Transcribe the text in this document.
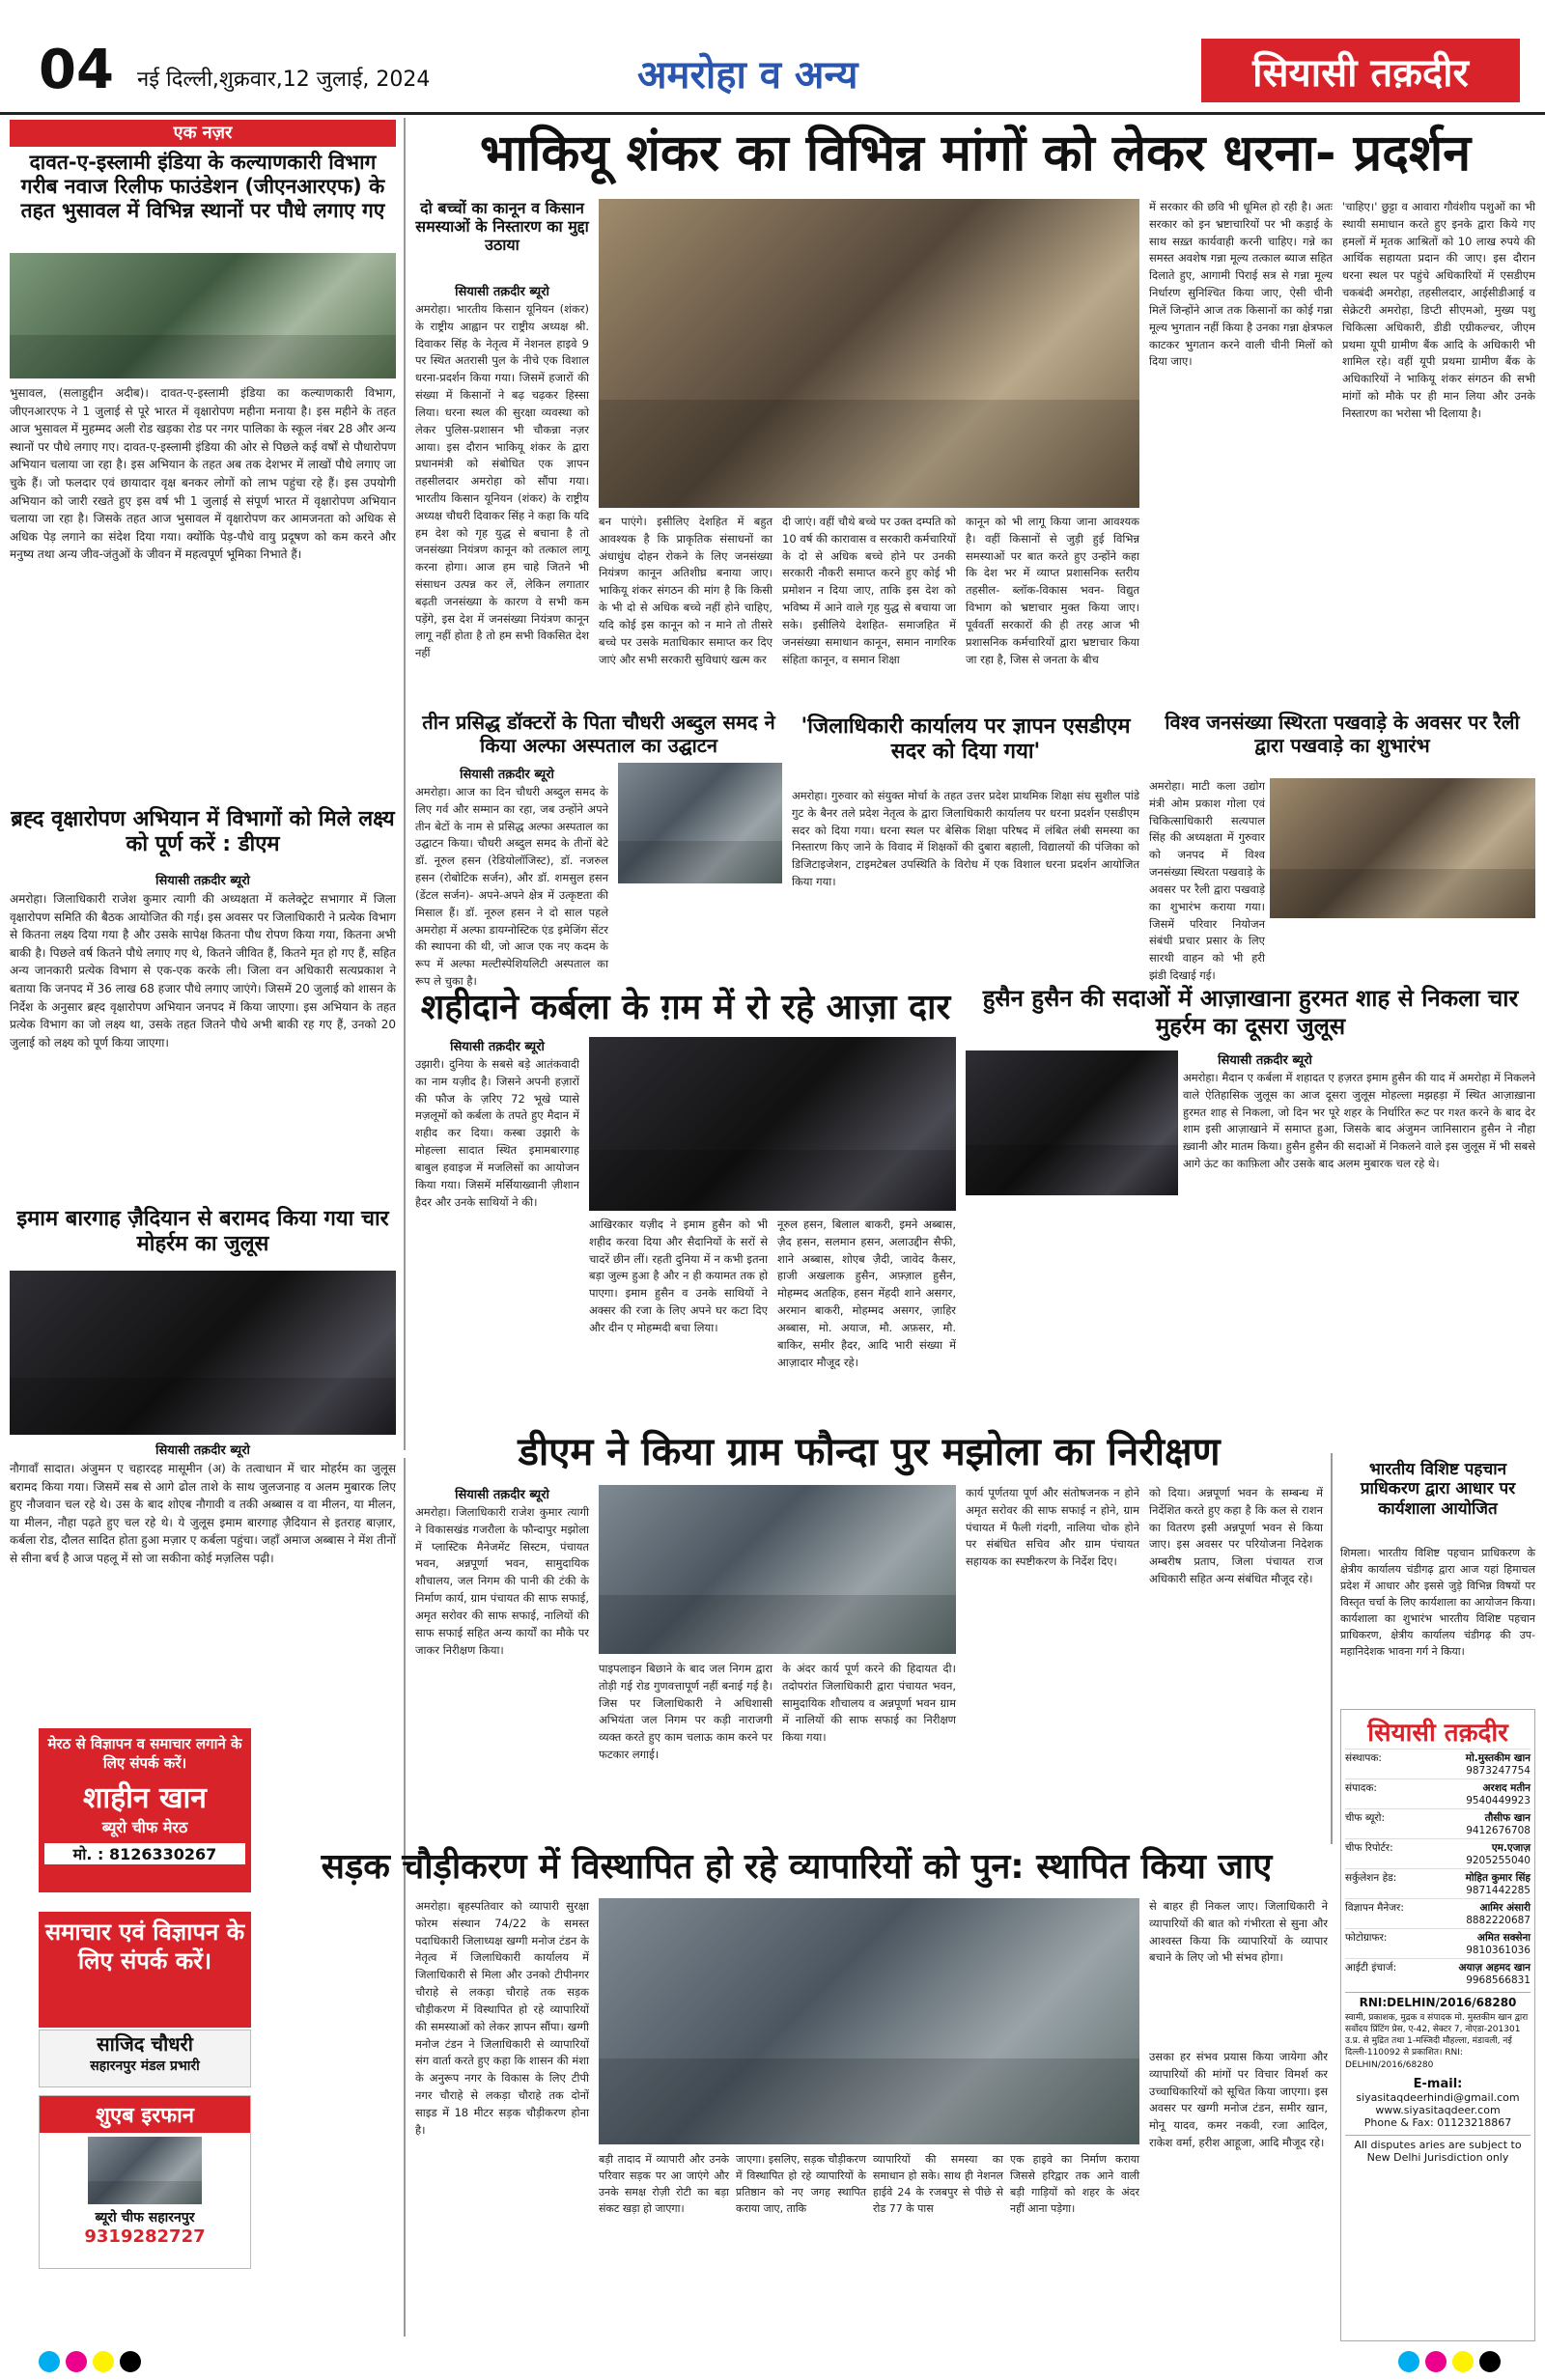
04 नई दिल्ली,शुक्रवार,12 जुलाई, 2024	अमरोहा व अन्य	सियासी तक़दीर
एक नज़र
दावत-ए-इस्लामी इंडिया के कल्याणकारी विभाग गरीब नवाज रिलीफ फाउंडेशन (जीएनआरएफ) के तहत भुसावल में विभिन्न स्थानों पर पौधे लगाए गए
भुसावल, (सलाहुद्दीन अदीब)। दावत-ए-इस्लामी इंडिया का कल्याणकारी विभाग, जीएनआरएफ ने 1 जुलाई से पूरे भारत में वृक्षारोपण महीना मनाया है। इस महीने के तहत आज भुसावल में मुहम्मद अली रोड खड़का रोड पर नगर पालिका के स्कूल नंबर 28 और अन्य स्थानों पर पौधे लगाए गए। दावत-ए-इस्लामी इंडिया की ओर से पिछले कई वर्षों से पौधारोपण अभियान चलाया जा रहा है। इस अभियान के तहत अब तक देशभर में लाखों पौधे लगाए जा चुके हैं। जो फलदार एवं छायादार वृक्ष बनकर लोगों को लाभ पहुंचा रहे हैं। इस उपयोगी अभियान को जारी रखते हुए इस वर्ष भी 1 जुलाई से संपूर्ण भारत में वृक्षारोपण अभियान चलाया जा रहा है। जिसके तहत आज भुसावल में वृक्षारोपण कर आमजनता को अधिक से अधिक पेड़ लगाने का संदेश दिया गया। क्योंकि पेड़-पौधे वायु प्रदूषण को कम करने और मनुष्य तथा अन्य जीव-जंतुओं के जीवन में महत्वपूर्ण भूमिका निभाते हैं।
ब्रह्द वृक्षारोपण अभियान में विभागों को मिले लक्ष्य को पूर्ण करें : डीएम
सियासी तक़दीर ब्यूरो
अमरोहा। जिलाधिकारी राजेश कुमार त्यागी की अध्यक्षता में कलेक्ट्रेट सभागार में जिला वृक्षारोपण समिति की बैठक आयोजित की गई। इस अवसर पर जिलाधिकारी ने प्रत्येक विभाग से कितना लक्ष्य दिया गया है और उसके सापेक्ष कितना पौध रोपण किया गया, कितना अभी बाकी है। पिछले वर्ष कितने पौधे लगाए गए थे, कितने जीवित हैं, कितने मृत हो गए हैं, सहित अन्य जानकारी प्रत्येक विभाग से एक-एक करके ली। जिला वन अधिकारी सत्यप्रकाश ने बताया कि जनपद में 36 लाख 68 हजार पौधे लगाए जाएंगे। जिसमें 20 जुलाई को शासन के निर्देश के अनुसार ब्रह्द वृक्षारोपण अभियान जनपद में किया जाएगा। इस अभियान के तहत प्रत्येक विभाग का जो लक्ष्य था, उसके तहत जितने पौधे अभी बाकी रह गए हैं, उनको 20 जुलाई को लक्ष्य को पूर्ण किया जाएगा।
इमाम बारगाह ज़ैदियान से बरामद किया गया चार मोहर्रम का जुलूस
सियासी तक़दीर ब्यूरो
नौगावाँ सादात। अंजुमन ए चहारदह मासूमीन (अ) के तत्वाधान में चार मोहर्रम का जुलूस बरामद किया गया। जिसमें सब से आगे ढोल ताशे के साथ जुलजनाह व अलम मुबारक लिए हुए नौजवान चल रहे थे। उस के बाद शोएब नौगावी व तकी अब्बास व वा मीलन, या मीलन, या मीलन, नौहा पढ़ते हुए चल रहे थे। ये जुलूस इमाम बारगाह ज़ैदियान से इतराह बाज़ार, कर्बला रोड, दौलत सादित होता हुआ मज़ार ए कर्बला पहुंचा। जहाँ अमाज अब्बास ने मेंश तीनों से सीना बर्च है आज पहलू में सो जा सकीना कोई मज़लिस पढ़ी।
मेरठ से विज्ञापन व समाचार लगाने के लिए संपर्क करें।
शाहीन खान
ब्यूरो चीफ मेरठ
मो. : 8126330267
समाचार एवं विज्ञापन के लिए संपर्क करें।
साजिद चौधरी
सहारनपुर मंडल प्रभारी
शुएब इरफान
ब्यूरो चीफ सहारनपुर
9319282727
भाकियू शंकर का विभिन्न मांगों को लेकर धरना- प्रदर्शन
दो बच्चों का कानून व किसान समस्याओं के निस्तारण का मुद्दा उठाया
सियासी तक़दीर ब्यूरो
अमरोहा। भारतीय किसान यूनियन (शंकर) के राष्ट्रीय आह्वान पर राष्ट्रीय अध्यक्ष श्री. दिवाकर सिंह के नेतृत्व में नेशनल हाइवे 9 पर स्थित अतरासी पुल के नीचे एक विशाल धरना-प्रदर्शन किया गया। जिसमें हजारों की संख्या में किसानों ने बढ़ चढ़कर हिस्सा लिया। धरना स्थल की सुरक्षा व्यवस्था को लेकर पुलिस-प्रशासन भी चौकन्ना नज़र आया। इस दौरान भाकियू शंकर के द्वारा प्रधानमंत्री को संबोधित एक ज्ञापन तहसीलदार अमरोहा को सौंपा गया। भारतीय किसान यूनियन (शंकर) के राष्ट्रीय अध्यक्ष चौधरी दिवाकर सिंह ने कहा कि यदि हम देश को गृह युद्ध से बचाना है तो जनसंख्या नियंत्रण कानून को तत्काल लागू करना होगा। आज हम चाहे जितने भी संसाधन उत्पन्न कर लें, लेकिन लगातार बढ़ती जनसंख्या के कारण वे सभी कम पड़ेंगे, इस देश में जनसंख्या नियंत्रण कानून लागू नहीं होता है तो हम सभी विकसित देश नहीं
बन पाएंगे। इसीलिए देशहित में बहुत आवश्यक है कि प्राकृतिक संसाधनों का अंधाधुंध दोहन रोकने के लिए जनसंख्या नियंत्रण कानून अतिशीघ्र बनाया जाए। भाकियू शंकर संगठन की मांग है कि किसी के भी दो से अधिक बच्चे नहीं होने चाहिए, यदि कोई इस कानून को न माने तो तीसरे बच्चे पर उसके मताधिकार समाप्त कर दिए जाएं और सभी सरकारी सुविधाएं खत्म कर
दी जाएं। वहीं चौथे बच्चे पर उक्त दम्पति को 10 वर्ष की कारावास व सरकारी कर्मचारियों के दो से अधिक बच्चे होने पर उनकी सरकारी नौकरी समाप्त करने हुए कोई भी प्रमोशन न दिया जाए, ताकि इस देश को भविष्य में आने वाले गृह युद्ध से बचाया जा सके। इसीलिये देशहित- समाजहित में जनसंख्या समाधान कानून, समान नागरिक संहिता कानून, व समान शिक्षा
कानून को भी लागू किया जाना आवश्यक है। वहीं किसानों से जुड़ी हुई विभिन्न समस्याओं पर बात करते हुए उन्होंने कहा कि देश भर में व्याप्त प्रशासनिक स्तरीय तहसील- ब्लॉक-विकास भवन- विद्युत विभाग को भ्रष्टाचार मुक्त किया जाए। पूर्ववर्ती सरकारों की ही तरह आज भी प्रशासनिक कर्मचारियों द्वारा भ्रष्टाचार किया जा रहा है, जिस से जनता के बीच
में सरकार की छवि भी धूमिल हो रही है। अतः सरकार को इन भ्रष्टाचारियों पर भी कड़ाई के साथ सख़्त कार्यवाही करनी चाहिए। गन्ने का समस्त अवशेष गन्ना मूल्य तत्काल ब्याज सहित दिलाते हुए, आगामी पिराई सत्र से गन्ना मूल्य निर्धारण सुनिश्चित किया जाए, ऐसी चीनी मिलें जिन्होंने आज तक किसानों का कोई गन्ना मूल्य भुगतान नहीं किया है उनका गन्ना क्षेत्रफल काटकर भुगतान करने वाली चीनी मिलों को दिया जाए।
'चाहिए।' छुट्टा व आवारा गौवंशीय पशुओं का भी स्थायी समाधान करते हुए इनके द्वारा किये गए हमलों में मृतक आश्रितों को 10 लाख रुपये की आर्थिक सहायता प्रदान की जाए। इस दौरान धरना स्थल पर पहुंचे अधिकारियों में एसडीएम चकबंदी अमरोहा, तहसीलदार, आईसीडीआई व सेक्रेटरी अमरोहा, डिप्टी सीएमओ, मुख्य पशु चिकित्सा अधिकारी, डीडी एग्रीकल्चर, जीएम प्रथमा यूपी ग्रामीण बैंक आदि के अधिकारी भी शामिल रहे। वहीं यूपी प्रथमा ग्रामीण बैंक के अधिकारियों ने भाकियू शंकर संगठन की सभी मांगों को मौके पर ही मान लिया और उनके निस्तारण का भरोसा भी दिलाया है।
तीन प्रसिद्ध डॉक्टरों के पिता चौधरी अब्दुल समद ने किया अल्फा अस्पताल का उद्घाटन
सियासी तक़दीर ब्यूरो
अमरोहा। आज का दिन चौधरी अब्दुल समद के लिए गर्व और सम्मान का रहा, जब उन्होंने अपने तीन बेटों के नाम से प्रसिद्ध अल्फा अस्पताल का उद्घाटन किया। चौधरी अब्दुल समद के तीनों बेटे डॉ. नूरुल हसन (रेडियोलॉजिस्ट), डॉ. नजरुल हसन (रोबोटिक सर्जन), और डॉ. शमसुल हसन (डेंटल सर्जन)- अपने-अपने क्षेत्र में उत्कृष्टता की मिसाल हैं। डॉ. नूरुल हसन ने दो साल पहले अमरोहा में अल्फा डायग्नोस्टिक एंड इमेजिंग सेंटर की स्थापना की थी, जो आज एक नए कदम के रूप में अल्फा मल्टीस्पेशियलिटी अस्पताल का रूप ले चुका है।
'जिलाधिकारी कार्यालय पर ज्ञापन एसडीएम सदर को दिया गया'
अमरोहा। गुरुवार को संयुक्त मोर्चा के तहत उत्तर प्रदेश प्राथमिक शिक्षा संघ सुशील पांडे गुट के बैनर तले प्रदेश नेतृत्व के द्वारा जिलाधिकारी कार्यालय पर धरना प्रदर्शन एसडीएम सदर को दिया गया। धरना स्थल पर बेसिक शिक्षा परिषद में लंबित लंबी समस्या का निस्तारण किए जाने के विवाद में शिक्षकों की दुबारा बहाली, विद्यालयों की पंजिका को डिजिटाइजेशन, टाइमटेबल उपस्थिति के विरोध में एक विशाल धरना प्रदर्शन आयोजित किया गया।
विश्व जनसंख्या स्थिरता पखवाड़े के अवसर पर रैली द्वारा पखवाड़े का शुभारंभ
अमरोहा। माटी कला उद्योग मंत्री ओम प्रकाश गोला एवं चिकित्साधिकारी सत्यपाल सिंह की अध्यक्षता में गुरुवार को जनपद में विश्व जनसंख्या स्थिरता पखवाड़े के अवसर पर रैली द्वारा पखवाड़े का शुभारंभ कराया गया। जिसमें परिवार नियोजन संबंधी प्रचार प्रसार के लिए सारथी वाहन को भी हरी झंडी दिखाई गई।
शहीदाने कर्बला के ग़म में रो रहे आज़ा दार
सियासी तक़दीर ब्यूरो
उझारी। दुनिया के सबसे बड़े आतंकवादी का नाम यज़ीद है। जिसने अपनी हज़ारों की फौज के ज़रिए 72 भूखे प्यासे मज़लूमों को कर्बला के तपते हुए मैदान में शहीद कर दिया। कस्बा उझारी के मोहल्ला सादात स्थित इमामबारगाह बाबुल हवाइज में मजलिसों का आयोजन किया गया। जिसमें मर्सियाख्वानी ज़ीशान हैदर और उनके साथियों ने की।
आखिरकार यज़ीद ने इमाम हुसैन को भी शहीद करवा दिया और सैदानियों के सरों से चादरें छीन लीं। रहती दुनिया में न कभी इतना बड़ा जुल्म हुआ है और न ही कयामत तक हो पाएगा। इमाम हुसैन व उनके साथियों ने अक्सर की रजा के लिए अपने घर कटा दिए और दीन ए मोहम्मदी बचा लिया।
नूरुल हसन, बिलाल बाकरी, इमने अब्बास, ज़ैद हसन, सलमान हसन, अलाउद्दीन सैफी, शाने अब्बास, शोएब ज़ैदी, जावेद कैसर, हाजी अखलाक हुसैन, अफ़्ज़ाल हुसैन, मोहम्मद अतहिक, हसन मेंहदी शाने असगर, अरमान बाकरी, मोहम्मद असगर, ज़ाहिर अब्बास, मो. अयाज, मौ. अफ़सर, मौ. बाकिर, समीर हैदर, आदि भारी संख्या में आज़ादार मौजूद रहे।
हुसैन हुसैन की सदाओं में आज़ाखाना हुरमत शाह से निकला चार मुहर्रम का दूसरा जुलूस
सियासी तक़दीर ब्यूरो
अमरोहा। मैदान ए कर्बला में शहादत ए हज़रत इमाम हुसैन की याद में अमरोहा में निकलने वाले ऐतिहासिक जुलूस का आज दूसरा जुलूस मोहल्ला मझहड़ा में स्थित आज़ाख़ाना हुरमत शाह से निकला, जो दिन भर पूरे शहर के निर्धारित रूट पर गश्त करने के बाद देर शाम इसी आज़ाखाने में समाप्त हुआ, जिसके बाद अंजुमन जानिसारान हुसैन ने नौहा ख़्वानी और मातम किया। हुसैन हुसैन की सदाओं में निकलने वाले इस जुलूस में भी सबसे आगे ऊंट का काफ़िला और उसके बाद अलम मुबारक चल रहे थे।
डीएम ने किया ग्राम फौन्दा पुर मझोला का निरीक्षण
सियासी तक़दीर ब्यूरो
अमरोहा। जिलाधिकारी राजेश कुमार त्यागी ने विकासखंड गजरौला के फौन्दापुर मझोला में प्लास्टिक मैनेजमेंट सिस्टम, पंचायत भवन, अन्नपूर्णा भवन, सामुदायिक शौचालय, जल निगम की पानी की टंकी के निर्माण कार्य, ग्राम पंचायत की साफ सफाई, अमृत सरोवर की साफ सफाई, नालियों की साफ सफाई सहित अन्य कार्यों का मौके पर जाकर निरीक्षण किया।
पाइपलाइन बिछाने के बाद जल निगम द्वारा तोड़ी गई रोड गुणवत्तापूर्ण नहीं बनाई गई है। जिस पर जिलाधिकारी ने अधिशासी अभियंता जल निगम पर कड़ी नाराजगी व्यक्त करते हुए काम चलाऊ काम करने पर फटकार लगाई।
के अंदर कार्य पूर्ण करने की हिदायत दी। तदोपरांत जिलाधिकारी द्वारा पंचायत भवन, सामुदायिक शौचालय व अन्नपूर्णा भवन ग्राम में नालियों की साफ सफाई का निरीक्षण किया गया।
कार्य पूर्णतया पूर्ण और संतोषजनक न होने अमृत सरोवर की साफ सफाई न होने, ग्राम पंचायत में फैली गंदगी, नालिया चोक होने पर संबंधित सचिव और ग्राम पंचायत सहायक का स्पष्टीकरण के निर्देश दिए।
को दिया। अन्नपूर्णा भवन के सम्बन्ध में निर्देशित करते हुए कहा है कि कल से राशन का वितरण इसी अन्नपूर्णा भवन से किया जाए। इस अवसर पर परियोजना निदेशक अम्बरीष प्रताप, जिला पंचायत राज अधिकारी सहित अन्य संबंधित मौजूद रहे।
भारतीय विशिष्ट पहचान प्राधिकरण द्वारा आधार पर कार्यशाला आयोजित
शिमला। भारतीय विशिष्ट पहचान प्राधिकरण के क्षेत्रीय कार्यालय चंडीगढ़ द्वारा आज यहां हिमाचल प्रदेश में आधार और इससे जुड़े विभिन्न विषयों पर विस्तृत चर्चा के लिए कार्यशाला का आयोजन किया। कार्यशाला का शुभारंभ भारतीय विशिष्ट पहचान प्राधिकरण, क्षेत्रीय कार्यालय चंडीगढ़ की उप-महानिदेशक भावना गर्ग ने किया।
सियासी तक़दीर
संस्थापक:	मो.मुस्तकीम खान
9873247754
संपादक:	अरशद मतीन
9540449923
चीफ ब्यूरो:	तौसीफ खान
9412676708
चीफ रिपोर्टर:	एम.एजाज़
9205255040
सर्कुलेशन हेड:	मोहित कुमार सिंह
9871442285
विज्ञापन मैनेजर:	आमिर अंसारी
8882220687
फोटोग्राफर:	अमित सक्सेना
9810361036
आईटी इंचार्ज:	अयाज़ अहमद खान
9968566831
RNI:DELHIN/2016/68280
स्वामी, प्रकाशक, मुद्रक व संपादक मो. मुस्तकीम खान द्वारा सर्वोदय प्रिंटिंग प्रेस, ए-42, सेक्टर 7, नोएडा-201301 उ.प्र. से मुद्रित तथा 1-मस्जिदी मौहल्ला, मंडावली, नई दिल्ली-110092 से प्रकाशित। RNI: DELHIN/2016/68280
E-mail:
siyasitaqdeerhindi@gmail.com
www.siyasitaqdeer.com
Phone & Fax: 01123218867
All disputes aries are subject to New Delhi Jurisdiction only
सड़क चौड़ीकरण में विस्थापित हो रहे व्यापारियों को पुन: स्थापित किया जाए
अमरोहा। बृहस्पतिवार को व्यापारी सुरक्षा फोरम संस्थान 74/22 के समस्त पदाधिकारी जिलाध्यक्ष खग्गी मनोज टंडन के नेतृत्व में जिलाधिकारी कार्यालय में जिलाधिकारी से मिला और उनको टीपीनगर चौराहे से लकड़ा चौराहे तक सड़क चौड़ीकरण में विस्थापित हो रहे व्यापारियों की समस्याओं को लेकर ज्ञापन सौंपा। खग्गी मनोज टंडन ने जिलाधिकारी से व्यापारियों संग वार्ता करते हुए कहा कि शासन की मंशा के अनुरूप नगर के विकास के लिए टीपी नगर चौराहे से लकड़ा चौराहे तक दोनों साइड में 18 मीटर सड़क चौड़ीकरण होना है।
बड़ी तादाद में व्यापारी और उनके परिवार सड़क पर आ जाएंगे और उनके समक्ष रोज़ी रोटी का बड़ा संकट खड़ा हो जाएगा।
जाएगा। इसलिए, सड़क चौड़ीकरण में विस्थापित हो रहे व्यापारियों के प्रतिष्ठान को नए जगह स्थापित कराया जाए, ताकि
व्यापारियों की समस्या का समाधान हो सके। साथ ही नेशनल हाईवे 24 के रजबपुर से पीछे से रोड 77 के पास
एक हाइवे का निर्माण कराया जिससे हरिद्वार तक आने वाली बड़ी गाड़ियों को शहर के अंदर नहीं आना पड़ेगा।
से बाहर ही निकल जाए। जिलाधिकारी ने व्यापारियों की बात को गंभीरता से सुना और आश्वस्त किया कि व्यापारियों के व्यापार बचाने के लिए जो भी संभव होगा।
उसका हर संभव प्रयास किया जायेगा और व्यापारियों की मांगों पर विचार विमर्श कर उच्चाधिकारियों को सूचित किया जाएगा। इस अवसर पर खग्गी मनोज टंडन, समीर खान, मोनू यादव, कमर नकवी, रजा आदिल, राकेश वर्मा, हरीश आहूजा, आदि मौजूद रहे।
